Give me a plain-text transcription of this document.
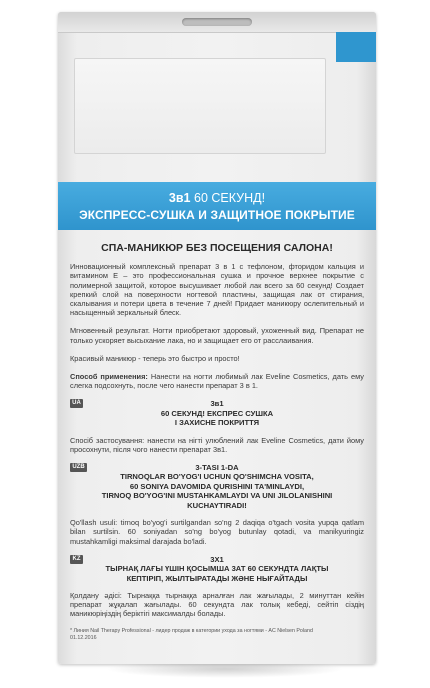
3в1 60 СЕКУНД!
ЭКСПРЕСС-СУШКА И ЗАЩИТНОЕ ПОКРЫТИЕ
СПА-МАНИКЮР БЕЗ ПОСЕЩЕНИЯ САЛОНА!
Инновационный комплексный препарат 3 в 1 с тефлоном, фторидом кальция и витамином Е – это профессиональная сушка и прочное верхнее покрытие с полимерной защитой, которое высушивает любой лак всего за 60 секунд! Создает крепкий слой на поверхности ногтевой пластины, защищая лак от стирания, скалывания и потери цвета в течение 7 дней! Придает маникюру ослепительный и насыщенный зеркальный блеск.
Мгновенный результат. Ногти приобретают здоровый, ухоженный вид. Препарат не только ускоряет высыхание лака, но и защищает его от расслаивания.
Красивый маникюр - теперь это быстро и просто!
Способ применения: Нанести на ногти любимый лак Eveline Cosmetics, дать ему слегка подсохнуть, после чего нанести препарат 3 в 1.
UA	3в1
60 СЕКУНД! ЕКСПРЕС СУШКА
І ЗАХИСНЕ ПОКРИТТЯ
Спосіб застосування: нанести на нігті улюблений лак Eveline Cosmetics, дати йому просохнути, після чого нанести препарат 3в1.
UZB	3-TASI 1-DA
TIRNOQLAR BO'YOG'I UCHUN QO'SHIMCHA VOSITA,
60 SONIYA DAVOMIDA QURISHINI TA'MINLAYDI,
TIRNOQ BO'YOG'INI MUSTAHKAMLAYDI VA UNI JILOLANISHINI
KUCHAYTIRADI!
Qo'llash usuli: tirnoq bo'yog'i surtilgandan so'ng 2 daqiqa o'tgach vosita yupqa qatlam bilan surtilsin. 60 soniyadan so'ng bo'yog butunlay qotadi, va manikyuringiz mustahkamligi maksimal darajada bo'ladi.
KZ	3Х1
ТЫРНАҚ ЛАҒЫ ҮШІН ҚОСЫМША 3АТ 60 СЕКУНДТА ЛАҚТЫ
КЕПТІРІП, ЖЫЛТЫРАТАДЫ ЖӘНЕ НЫҒАЙТАДЫ
Қолдану әдісі: Тырнаққа тырнаққа арналған лак жағылады, 2 минуттан кейін препарат жұқалап жағылады. 60 секундта лак толық кебеді, сейтіп сіздің маникюріңіздің беріктігі максималды болады.
* Линия Nail Therapy Professional - лидер продаж в категории ухода за ногтями - AC Nielsen Poland
01.12.2016
